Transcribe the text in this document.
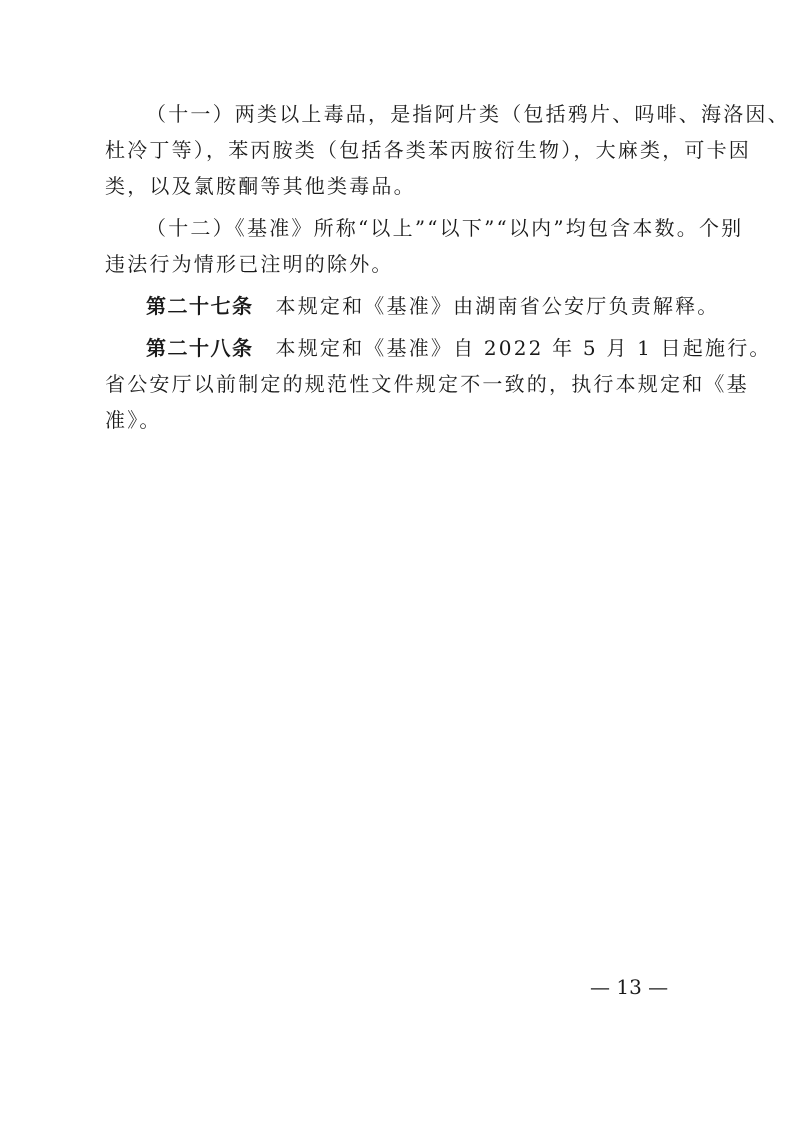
（十一）两类以上毒品，是指阿片类（包括鸦片、吗啡、海洛因、
杜冷丁等），苯丙胺类（包括各类苯丙胺衍生物），大麻类，可卡因
类，以及氯胺酮等其他类毒品。
（十二）《基准》所称“以上”“以下”“以内”均包含本数。个别
违法行为情形已注明的除外。
第二十七条 本规定和《基准》由湖南省公安厅负责解释。
第二十八条 本规定和《基准》自 2022 年 5 月 1 日起施行。
省公安厅以前制定的规范性文件规定不一致的，执行本规定和《基
准》。
— 13 —
